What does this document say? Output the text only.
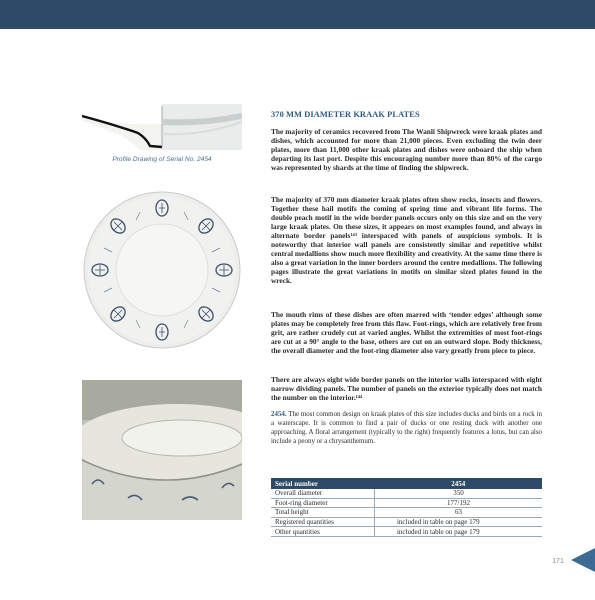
Profile Drawing of Serial No. 2454
370 MM DIAMETER KRAAK PLATES

The majority of ceramics recovered from The Wanli Shipwreck were kraak plates and dishes, which accounted for more than 21,000 pieces. Even excluding the twin deer plates, more than 11,000 other kraak plates and dishes were onboard the ship when departing its last port. Despite this encouraging number more than 80% of the cargo was represented by shards at the time of finding the shipwreck.

The majority of 370 mm diameter kraak plates often show rocks, insects and flowers. Together these hail motifs the coming of spring time and vibrant life forms. The double peach motif in the wide border panels occurs only on this size and on the very large kraak plates. On these sizes, it appears on most examples found, and always in alternate border panels¹⁴³ interspaced with panels of auspicious symbols. It is noteworthy that interior wall panels are consistently similar and repetitive whilst central medallions show much more flexibility and creativity. At the same time there is also a great variation in the inner borders around the centre medallions. The following pages illustrate the great variations in motifs on similar sized plates found in the wreck.

The mouth rims of these dishes are often marred with ‘tender edges’ although some plates may be completely free from this flaw. Foot-rings, which are relatively free from grit, are rather crudely cut at varied angles. Whilst the extremities of most foot-rings are cut at a 90° angle to the base, others are cut on an outward slope. Body thickness, the overall diameter and the foot-ring diameter also vary greatly from piece to piece.

There are always eight wide border panels on the interior walls interspaced with eight narrow dividing panels. The number of panels on the exterior typically does not match the number on the interior.¹⁴⁴

2454. The most common design on kraak plates of this size includes ducks and birds on a rock in a waterscape. It is common to find a pair of ducks or one resting duck with another one approaching. A floral arrangement (typically to the right) frequently features a lotus, but can also include a peony or a chrysanthemum.

Serial number	2454
Overall diameter	350
Foot-ring diameter	177/192
Total height	63
Registered quantities	included in table on page 179
Other quantities	included in table on page 179
171
